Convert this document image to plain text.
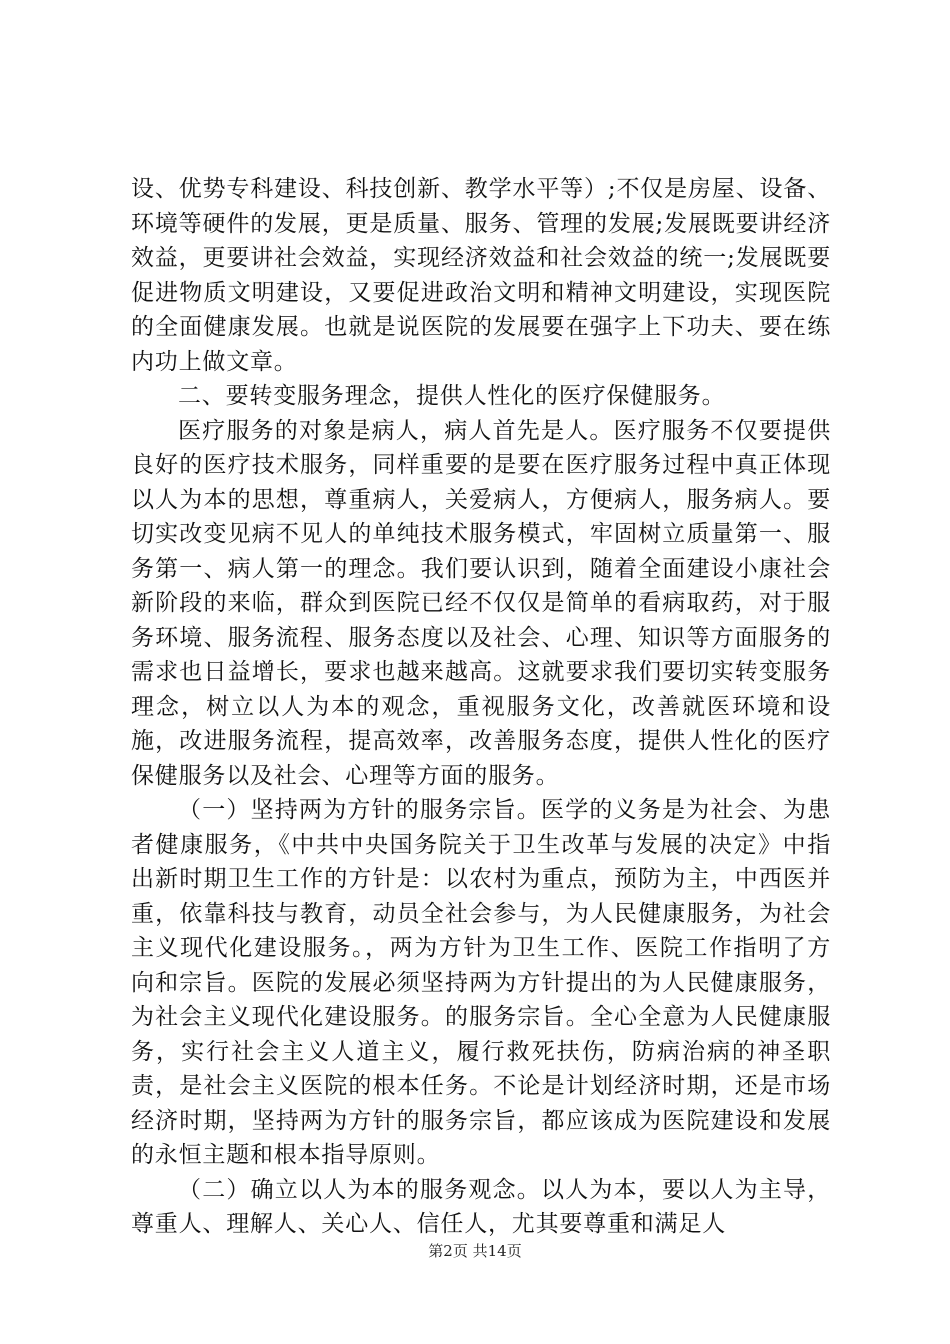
设、优势专科建设、科技创新、教学水平等）;不仅是房屋、设备、环境等硬件的发展，更是质量、服务、管理的发展;发展既要讲经济效益，更要讲社会效益，实现经济效益和社会效益的统一;发展既要促进物质文明建设，又要促进政治文明和精神文明建设，实现医院的全面健康发展。也就是说医院的发展要在强字上下功夫、要在练内功上做文章。

二、要转变服务理念，提供人性化的医疗保健服务。

医疗服务的对象是病人，病人首先是人。医疗服务不仅要提供良好的医疗技术服务，同样重要的是要在医疗服务过程中真正体现以人为本的思想，尊重病人，关爱病人，方便病人，服务病人。要切实改变见病不见人的单纯技术服务模式，牢固树立质量第一、服务第一、病人第一的理念。我们要认识到，随着全面建设小康社会新阶段的来临，群众到医院已经不仅仅是简单的看病取药，对于服务环境、服务流程、服务态度以及社会、心理、知识等方面服务的需求也日益增长，要求也越来越高。这就要求我们要切实转变服务理念，树立以人为本的观念，重视服务文化，改善就医环境和设施，改进服务流程，提高效率，改善服务态度，提供人性化的医疗保健服务以及社会、心理等方面的服务。

（一）坚持两为方针的服务宗旨。医学的义务是为社会、为患者健康服务，《中共中央国务院关于卫生改革与发展的决定》中指出新时期卫生工作的方针是：以农村为重点，预防为主，中西医并重，依靠科技与教育，动员全社会参与，为人民健康服务，为社会主义现代化建设服务。，两为方针为卫生工作、医院工作指明了方向和宗旨。医院的发展必须坚持两为方针提出的为人民健康服务，为社会主义现代化建设服务。的服务宗旨。全心全意为人民健康服务，实行社会主义人道主义，履行救死扶伤，防病治病的神圣职责，是社会主义医院的根本任务。不论是计划经济时期，还是市场经济时期，坚持两为方针的服务宗旨，都应该成为医院建设和发展的永恒主题和根本指导原则。

（二）确立以人为本的服务观念。以人为本，要以人为主导，尊重人、理解人、关心人、信任人，尤其要尊重和满足人

第2页 共14页
